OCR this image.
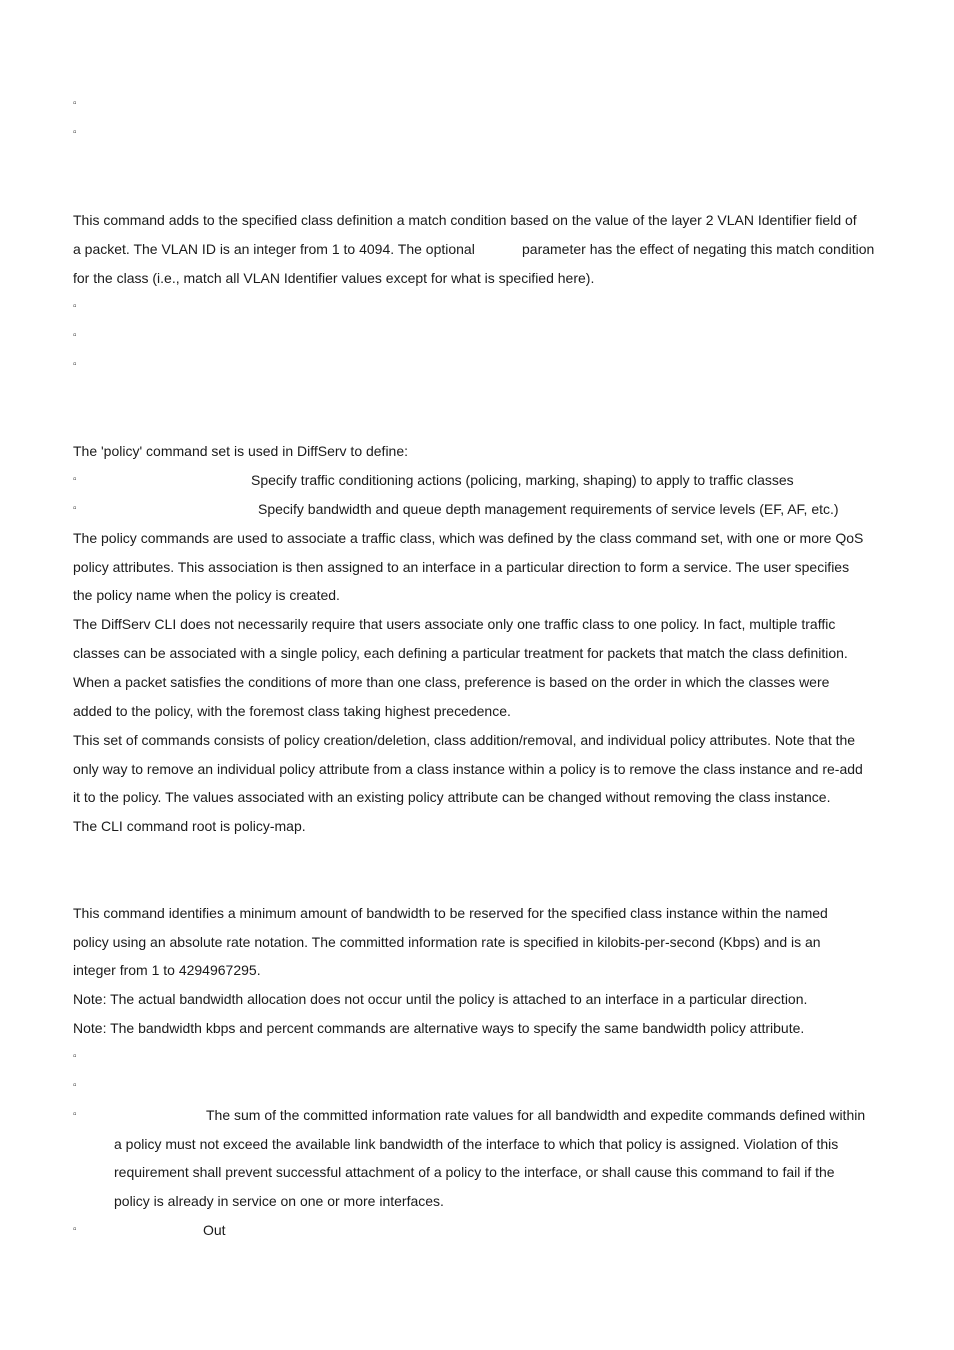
▫
▫

This command adds to the specified class definition a match condition based on the value of the layer 2 VLAN Identifier field of

a packet. The VLAN ID is an integer from 1 to 4094. The optional	parameter has the effect of negating this match condition

for the class (i.e., match all VLAN Identifier values except for what is specified here).

▫
▫
▫

The 'policy' command set is used in DiffServ to define:

▫	Specify traffic conditioning actions (policing, marking, shaping) to apply to traffic classes
▫	Specify bandwidth and queue depth management requirements of service levels (EF, AF, etc.)

The policy commands are used to associate a traffic class, which was defined by the class command set, with one or more QoS

policy attributes. This association is then assigned to an interface in a particular direction to form a service. The user specifies

the policy name when the policy is created.

The DiffServ CLI does not necessarily require that users associate only one traffic class to one policy. In fact, multiple traffic

classes can be associated with a single policy, each defining a particular treatment for packets that match the class definition.

When a packet satisfies the conditions of more than one class, preference is based on the order in which the classes were

added to the policy, with the foremost class taking highest precedence.

This set of commands consists of policy creation/deletion, class addition/removal, and individual policy attributes. Note that the

only way to remove an individual policy attribute from a class instance within a policy is to remove the class instance and re-add

it to the policy. The values associated with an existing policy attribute can be changed without removing the class instance.

The CLI command root is policy-map.

This command identifies a minimum amount of bandwidth to be reserved for the specified class instance within the named

policy using an absolute rate notation. The committed information rate is specified in kilobits-per-second (Kbps) and is an

integer from 1 to 4294967295.

Note: The actual bandwidth allocation does not occur until the policy is attached to an interface in a particular direction.

Note: The bandwidth kbps and percent commands are alternative ways to specify the same bandwidth policy attribute.

▫
▫
▫	The sum of the committed information rate values for all bandwidth and expedite commands defined within
a policy must not exceed the available link bandwidth of the interface to which that policy is assigned. Violation of this
requirement shall prevent successful attachment of a policy to the interface, or shall cause this command to fail if the
policy is already in service on one or more interfaces.
▫	Out
